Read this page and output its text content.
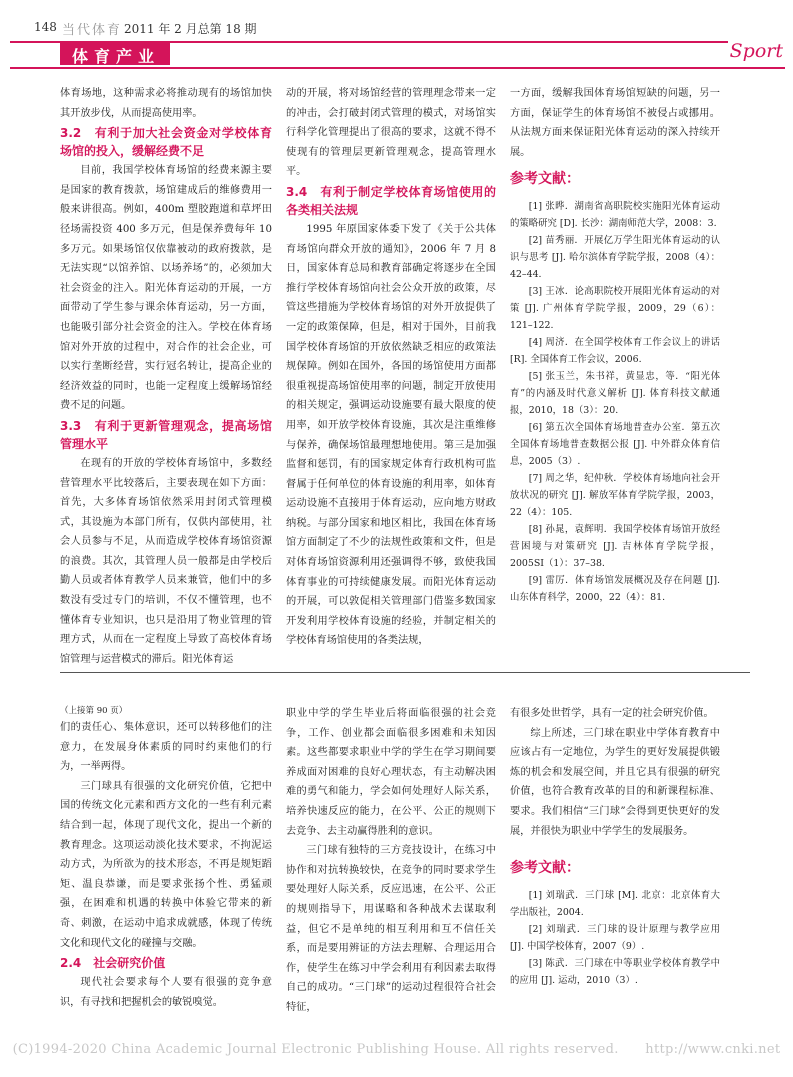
148 当代体育 2011 年 2 月总第 18 期
体育产业	Sport

体育场地，这种需求必将推动现有的场馆加快其开放步伐，从而提高使用率。

3.2　有利于加大社会资金对学校体育场馆的投入，缓解经费不足

目前，我国学校体育场馆的经费来源主要是国家的教育拨款，场馆建成后的维修费用一般来讲很高。例如，400m 塑胶跑道和草坪田径场需投资 400 多万元，但是保养费每年 10 多万元。如果场馆仅依靠被动的政府拨款，是无法实现“以馆养馆、以场养场”的，必须加大社会资金的注入。阳光体育运动的开展，一方面带动了学生参与课余体育运动，另一方面，也能吸引部分社会资金的注入。学校在体育场馆对外开放的过程中，对合作的社会企业，可以实行垄断经营，实行冠名转让，提高企业的经济效益的同时，也能一定程度上缓解场馆经费不足的问题。

3.3　有利于更新管理观念，提高场馆管理水平

在现有的开放的学校体育场馆中，多数经营管理水平比较落后，主要表现在如下方面：首先，大多体育场馆依然采用封闭式管理模式，其设施为本部门所有，仅供内部使用，社会人员参与不足，从而造成学校体育场馆资源的浪费。其次，其管理人员一般都是由学校后勤人员或者体育教学人员来兼管，他们中的多数没有受过专门的培训，不仅不懂管理，也不懂体育专业知识，也只是沿用了物业管理的管理方式，从而在一定程度上导致了高校体育场馆管理与运营模式的滞后。阳光体育运

动的开展，将对场馆经营的管理理念带来一定的冲击，会打破封闭式管理的模式，对场馆实行科学化管理提出了很高的要求，这就不得不使现有的管理层更新管理观念，提高管理水平。

3.4　有利于制定学校体育场馆使用的各类相关法规

1995 年原国家体委下发了《关于公共体育场馆向群众开放的通知》，2006 年 7 月 8 日，国家体育总局和教育部确定将逐步在全国推行学校体育场馆向社会公众开放的政策，尽管这些措施为学校体育场馆的对外开放提供了一定的政策保障，但是，相对于国外，目前我国学校体育场馆的开放依然缺乏相应的政策法规保障。例如在国外，各国的场馆使用方面都很重视提高场馆使用率的问题，制定开放使用的相关规定，强调运动设施要有最大限度的使用率，如开放学校体育设施，其次是注重维修与保养，确保场馆最理想地使用。第三是加强监督和惩罚，有的国家规定体育行政机构可监督属于任何单位的体育设施的利用率，如体育运动设施不直接用于体育运动，应向地方财政纳税。与部分国家和地区相比，我国在体育场馆方面制定了不少的法规性政策和文件，但是对体育场馆资源利用还强调得不够，致使我国体育事业的可持续健康发展。而阳光体育运动的开展，可以敦促相关管理部门借鉴多数国家开发利用学校体育设施的经验，并制定相关的学校体育场馆使用的各类法规，

一方面，缓解我国体育场馆短缺的问题，另一方面，保证学生的体育场馆不被侵占或挪用。从法规方面来保证阳光体育运动的深入持续开展。

参考文献：

[1] 张晔．湖南省高职院校实施阳光体育运动的策略研究 [D]. 长沙：湖南师范大学，2008：3.

[2] 苗秀丽．开展亿万学生阳光体育运动的认识与思考 [J]. 哈尔滨体育学院学报，2008（4）：42–44.

[3] 王冰．论高职院校开展阳光体育运动的对策 [J]. 广州体育学院学报，2009，29（6）：121–122.

[4] 周济．在全国学校体育工作会议上的讲话 [R]. 全国体育工作会议，2006.

[5] 张玉兰，朱书祥，黄显忠，等．“阳光体育”的内涵及时代意义解析 [J]. 体育科技文献通报，2010，18（3）：20.

[6] 第五次全国体育场地普查办公室．第五次全国体育场地普查数据公报 [J]. 中外群众体育信息，2005（3）.

[7] 周之华，纪仲秋．学校体育场地向社会开放状况的研究 [J]. 解放军体育学院学报，2003，22（4）：105.

[8] 孙晁，袁辉明．我国学校体育场馆开放经营困境与对策研究 [J]. 吉林体育学院学报，2005SI（1）：37–38.

[9] 雷厉．体育场馆发展概况及存在问题 [J]. 山东体育科学，2000，22（4）：81.

（上接第 90 页）

们的责任心、集体意识，还可以转移他们的注意力，在发展身体素质的同时约束他们的行为，一举两得。

三门球具有很强的文化研究价值，它把中国的传统文化元素和西方文化的一些有利元素结合到一起，体现了现代文化，提出一个新的教育理念。这项运动淡化技术要求，不拘泥运动方式，为所欲为的技术形态，不再是规矩蹈矩、温良恭谦，而是要求张扬个性、勇猛顽强，在困难和机遇的转换中体验它带来的新奇、刺激，在运动中追求成就感，体现了传统文化和现代文化的碰撞与交融。

2.4　社会研究价值

现代社会要求每个人要有很强的竞争意识，有寻找和把握机会的敏锐嗅觉。

职业中学的学生毕业后将面临很强的社会竞争，工作、创业都会面临很多困难和未知因素。这些都要求职业中学的学生在学习期间要养成面对困难的良好心理状态，有主动解决困难的勇气和能力，学会如何处理好人际关系，培养快速反应的能力，在公平、公正的规则下去竞争、去主动赢得胜利的意识。

三门球有独特的三方竞技设计，在练习中协作和对抗转换较快，在竞争的同时要求学生要处理好人际关系，反应迅速，在公平、公正的规则指导下，用谋略和各种战术去谋取利益，但它不是单纯的相互利用和互不信任关系，而是要用辨证的方法去理解、合理运用合作，使学生在练习中学会利用有利因素去取得自己的成功。“三门球”的运动过程很符合社会特征，

有很多处世哲学，具有一定的社会研究价值。

综上所述，三门球在职业中学体育教育中应该占有一定地位，为学生的更好发展提供锻炼的机会和发展空间，并且它具有很强的研究价值，也符合教育改革的目的和新课程标准、要求。我们相信“三门球”会得到更快更好的发展，并很快为职业中学学生的发展服务。

参考文献：

[1] 刘瑞武．三门球 [M]. 北京：北京体育大学出版社，2004.

[2] 刘瑞武．三门球的设计原理与教学应用 [J]. 中国学校体育，2007（9）.

[3] 陈武．三门球在中等职业学校体育教学中的应用 [J]. 运动，2010（3）.

(C)1994-2020 China Academic Journal Electronic Publishing House. All rights reserved.　　http://www.cnki.net
